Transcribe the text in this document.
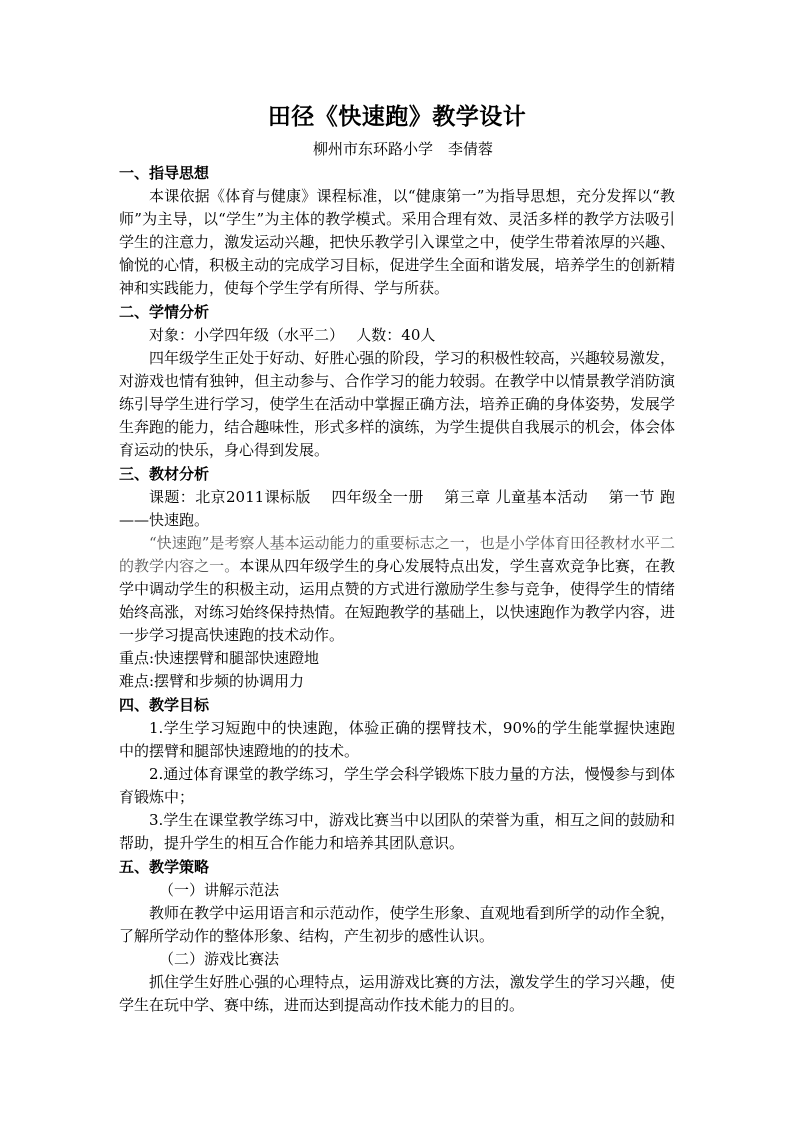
田径《快速跑》教学设计

柳州市东环路小学　李倩蓉

一、指导思想

本课依据《体育与健康》课程标准，以“健康第一”为指导思想，充分发挥以“教师”为主导，以“学生”为主体的教学模式。采用合理有效、灵活多样的教学方法吸引学生的注意力，激发运动兴趣，把快乐教学引入课堂之中，使学生带着浓厚的兴趣、愉悦的心情，积极主动的完成学习目标，促进学生全面和谐发展，培养学生的创新精神和实践能力，使每个学生学有所得、学与所获。

二、学情分析

对象：小学四年级（水平二）　 人数：40人

四年级学生正处于好动、好胜心强的阶段，学习的积极性较高，兴趣较易激发，对游戏也情有独钟，但主动参与、合作学习的能力较弱。在教学中以情景教学消防演练引导学生进行学习，使学生在活动中掌握正确方法，培养正确的身体姿势，发展学生奔跑的能力，结合趣味性，形式多样的演练，为学生提供自我展示的机会，体会体育运动的快乐，身心得到发展。

三、教材分析

课题：北京2011课标版　 四年级全一册　 第三章 儿童基本活动　 第一节 跑 ——快速跑。

“快速跑”是考察人基本运动能力的重要标志之一，也是小学体育田径教材水平二的教学内容之一。本课从四年级学生的身心发展特点出发，学生喜欢竞争比赛，在教学中调动学生的积极主动，运用点赞的方式进行激励学生参与竞争，使得学生的情绪始终高涨，对练习始终保持热情。在短跑教学的基础上，以快速跑作为教学内容，进一步学习提高快速跑的技术动作。

重点:快速摆臂和腿部快速蹬地

难点:摆臂和步频的协调用力

四、教学目标

1.学生学习短跑中的快速跑，体验正确的摆臂技术，90%的学生能掌握快速跑中的摆臂和腿部快速蹬地的的技术。

2.通过体育课堂的教学练习，学生学会科学锻炼下肢力量的方法，慢慢参与到体育锻炼中；

3.学生在课堂教学练习中，游戏比赛当中以团队的荣誉为重，相互之间的鼓励和帮助，提升学生的相互合作能力和培养其团队意识。

五、教学策略

（一）讲解示范法

教师在教学中运用语言和示范动作，使学生形象、直观地看到所学的动作全貌，了解所学动作的整体形象、结构，产生初步的感性认识。

（二）游戏比赛法

抓住学生好胜心强的心理特点，运用游戏比赛的方法，激发学生的学习兴趣，使学生在玩中学、赛中练，进而达到提高动作技术能力的目的。
